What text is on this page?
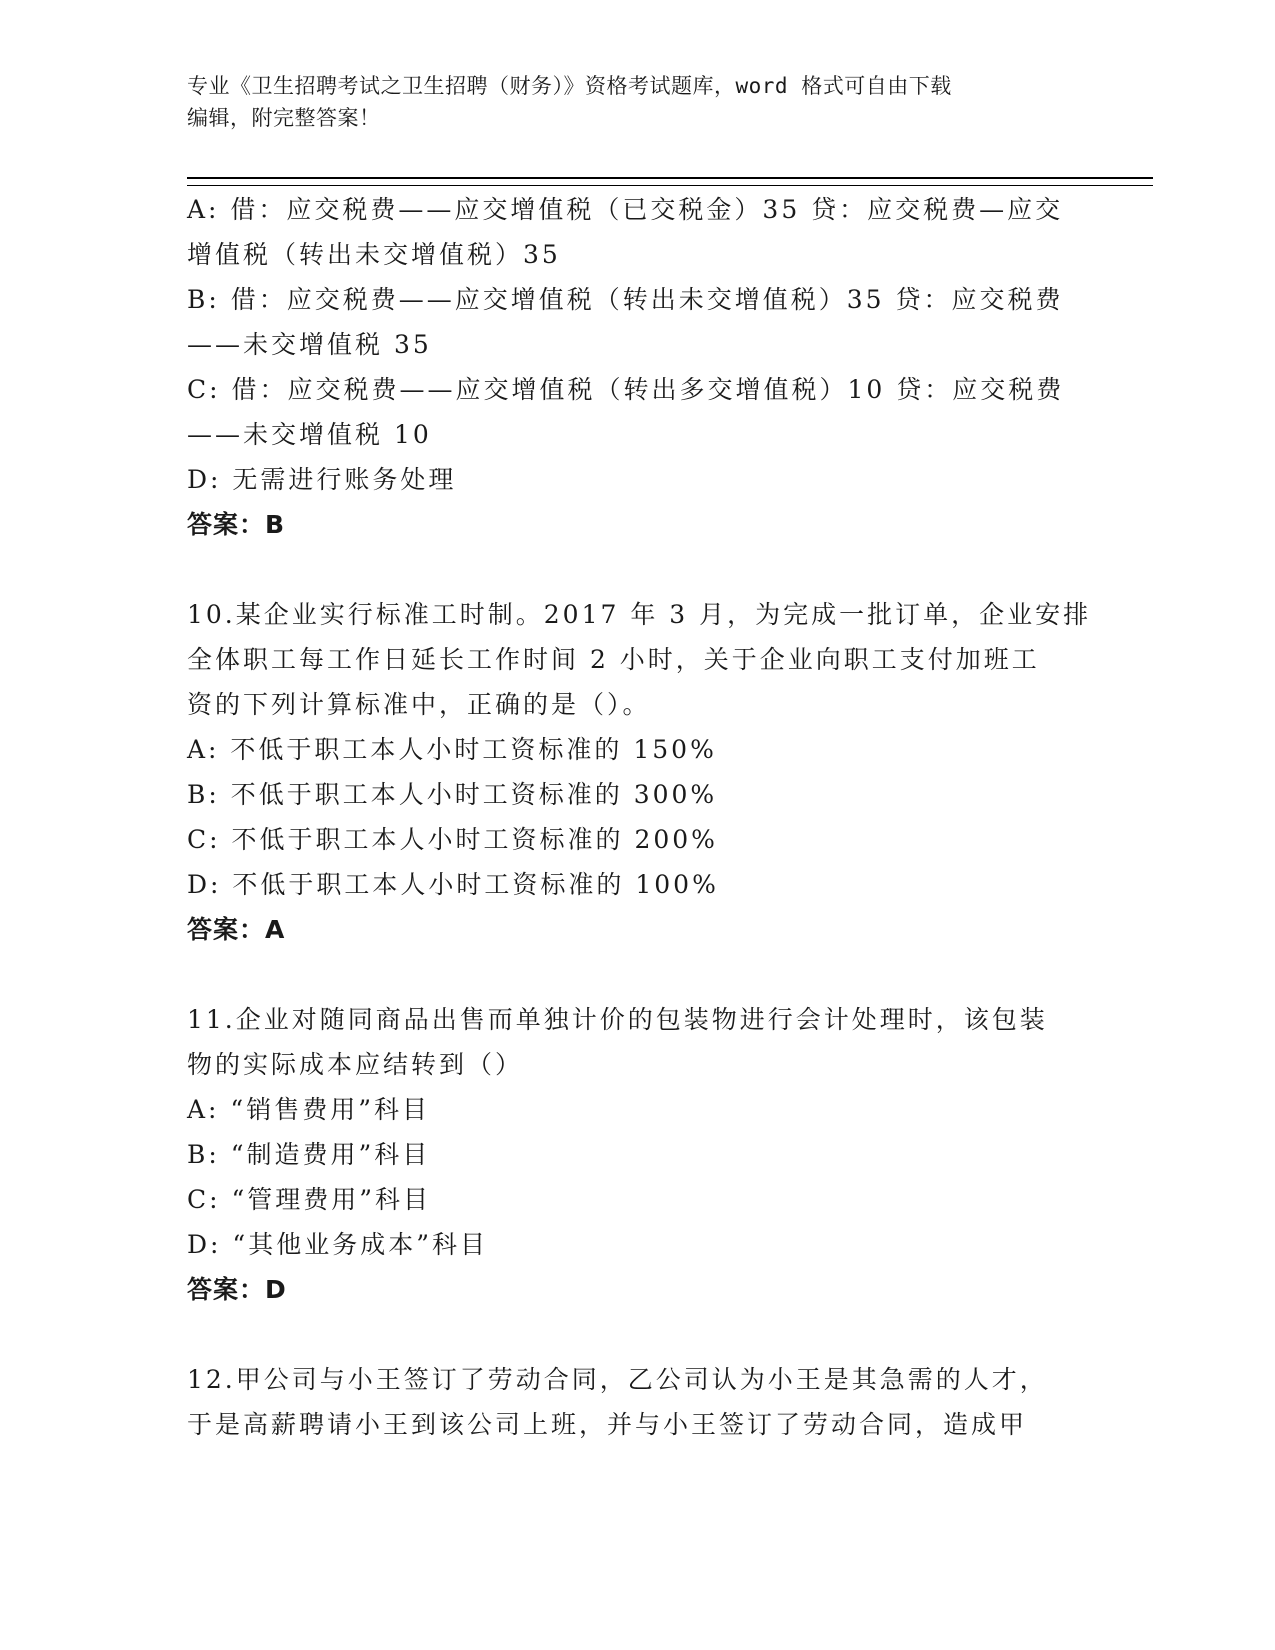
专业《卫生招聘考试之卫生招聘（财务）》资格考试题库，word 格式可自由下载
编辑，附完整答案！
A: 借：应交税费——应交增值税（已交税金）35 贷：应交税费—应交
增值税（转出未交增值税）35
B: 借：应交税费——应交增值税（转出未交增值税）35 贷：应交税费
——未交增值税 35
C: 借：应交税费——应交增值税（转出多交增值税）10 贷：应交税费
——未交增值税 10
D: 无需进行账务处理
答案：B
10.某企业实行标准工时制。2017 年 3 月，为完成一批订单，企业安排
全体职工每工作日延长工作时间 2 小时，关于企业向职工支付加班工
资的下列计算标准中，正确的是（）。
A: 不低于职工本人小时工资标准的 150%
B: 不低于职工本人小时工资标准的 300%
C: 不低于职工本人小时工资标准的 200%
D: 不低于职工本人小时工资标准的 100%
答案：A
11.企业对随同商品出售而单独计价的包装物进行会计处理时，该包装
物的实际成本应结转到（）
A: “销售费用”科目
B: “制造费用”科目
C: “管理费用”科目
D: “其他业务成本”科目
答案：D
12.甲公司与小王签订了劳动合同，乙公司认为小王是其急需的人才，
于是高薪聘请小王到该公司上班，并与小王签订了劳动合同，造成甲
